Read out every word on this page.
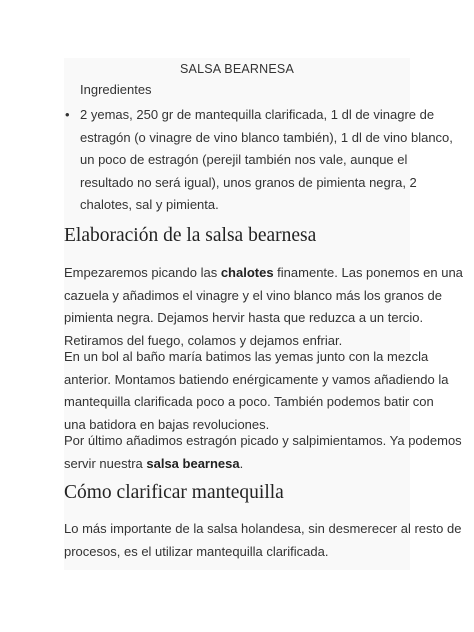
SALSA BEARNESA

Ingredientes

• 2 yemas, 250 gr de mantequilla clarificada, 1 dl de vinagre de
estragón (o vinagre de vino blanco también), 1 dl de vino blanco,
un poco de estragón (perejil también nos vale, aunque el
resultado no será igual), unos granos de pimienta negra, 2
chalotes, sal y pimienta.
Elaboración de la salsa bearnesa

Empezaremos picando las chalotes finamente. Las ponemos en una
cazuela y añadimos el vinagre y el vino blanco más los granos de
pimienta negra. Dejamos hervir hasta que reduzca a un tercio.
Retiramos del fuego, colamos y dejamos enfriar.

En un bol al baño maría batimos las yemas junto con la mezcla
anterior. Montamos batiendo enérgicamente y vamos añadiendo la
mantequilla clarificada poco a poco. También podemos batir con
una batidora en bajas revoluciones.

Por último añadimos estragón picado y salpimientamos. Ya podemos
servir nuestra salsa bearnesa.

Cómo clarificar mantequilla

Lo más importante de la salsa holandesa, sin desmerecer al resto de
procesos, es el utilizar mantequilla clarificada.
